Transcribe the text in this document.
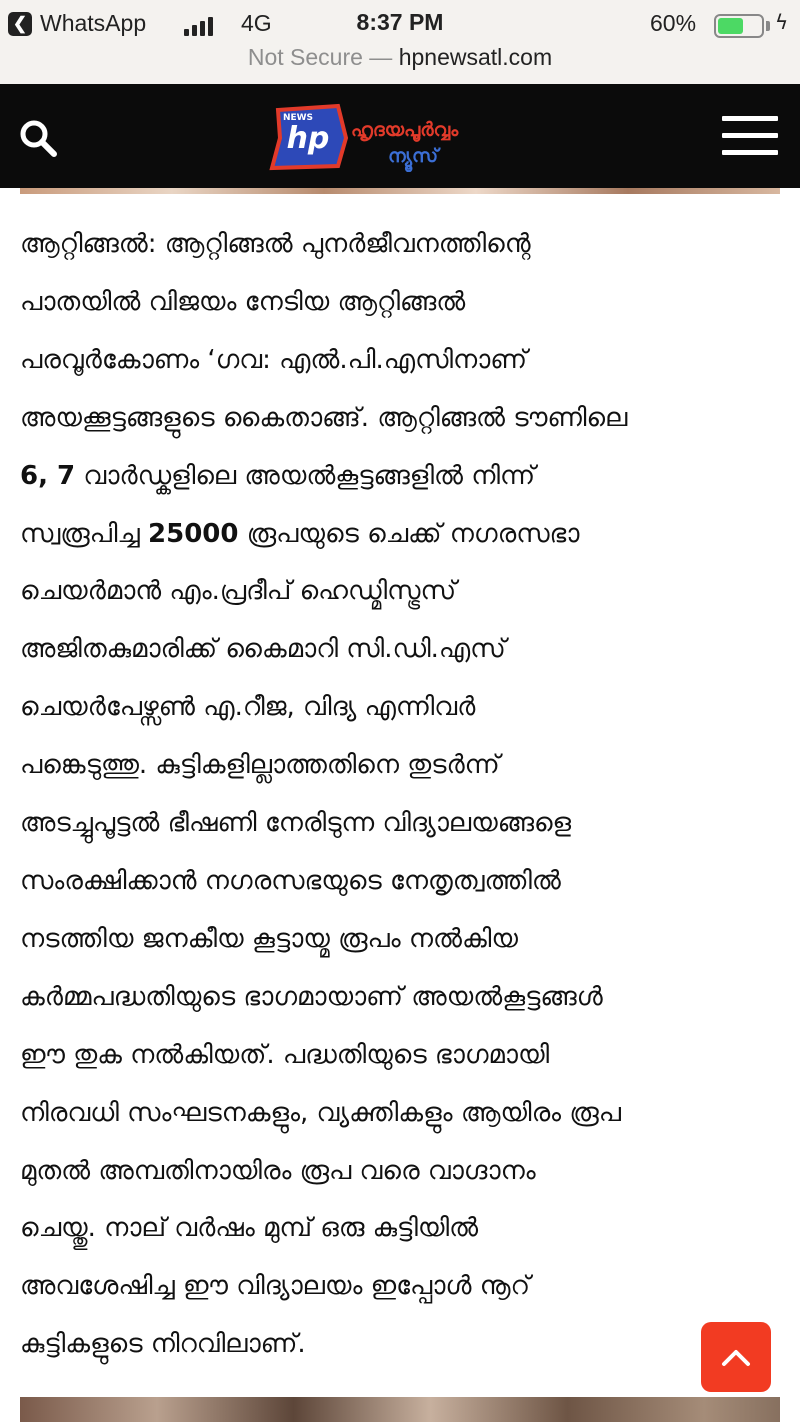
❮ WhatsApp	4G	8:37 PM	60%	ϟ
Not Secure — hpnewsatl.com
hp
NEWS
ഹൃദയപൂർവ്വം
ന്യൂസ്

ആറ്റിങ്ങൽ: ആറ്റിങ്ങൽ പുനർജീവനത്തിന്റെ

പാതയിൽ വിജയം നേടിയ ആറ്റിങ്ങൽ

പരവൂർകോണം ‘ഗവ: എൽ.പി.എസിനാണ്

അയക്കൂട്ടങ്ങളുടെ കൈതാങ്ങ്. ആറ്റിങ്ങൽ ടൗണിലെ

6, 7 വാർഡ്കളിലെ അയൽകൂട്ടങ്ങളിൽ നിന്ന്

സ്വരൂപിച്ച 25000 രൂപയുടെ ചെക്ക് നഗരസഭാ

ചെയർമാൻ എം.പ്രദീപ് ഹെഡ്മിസ്ട്രസ്

അജിതകുമാരിക്ക് കൈമാറി സി.ഡി.എസ്

ചെയർപേഴ്സൺ എ.റീജ, വിദ്യ എന്നിവർ

പങ്കെടുത്തു. കുട്ടികളില്ലാത്തതിനെ തുടർന്ന്

അടച്ചുപൂട്ടൽ ഭീഷണി നേരിടുന്ന വിദ്യാലയങ്ങളെ

സംരക്ഷിക്കാൻ നഗരസഭയുടെ നേതൃത്വത്തിൽ

നടത്തിയ ജനകീയ കൂട്ടായ്മ രൂപം നൽകിയ

കർമ്മപദ്ധതിയുടെ ഭാഗമായാണ് അയൽകൂട്ടങ്ങൾ

ഈ തുക നൽകിയത്. പദ്ധതിയുടെ ഭാഗമായി

നിരവധി സംഘടനകളും, വ്യക്തികളും ആയിരം രൂപ

മുതൽ അമ്പതിനായിരം രൂപ വരെ വാഗ്ദാനം

ചെയ്തു. നാല് വർഷം മുമ്പ് ഒരു കുട്ടിയിൽ

അവശേഷിച്ച ഈ വിദ്യാലയം ഇപ്പോൾ നൂറ്

കുട്ടികളുടെ നിറവിലാണ്.
